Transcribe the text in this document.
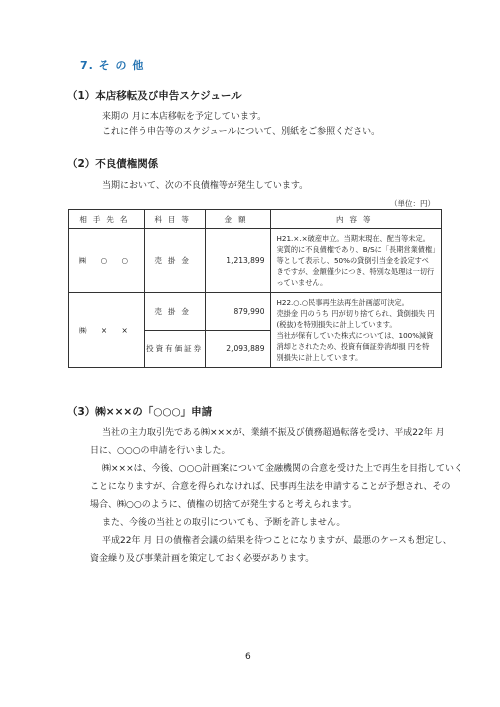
7. そ の 他
（1）本店移転及び申告スケジュール
来期の 月に本店移転を予定しています。
これに伴う申告等のスケジュールについて、別紙をご参照ください。
（2）不良債権関係
当期において、次の不良債権等が発生しています。
（単位：円）
相手先名	科目等	金額	内容等
㈱ ○ ○	売掛金	1,213,899	H21.×.×破産申立。当期末現在、配当等未定。
実質的に不良債権であり、B/Sに「長期営業債権」等として表示し、50%の貸倒引当金を設定すべきですが、金額僅少につき、特別な処理は一切行っていません。

㈱ × ×	売掛金	879,990	H22.○.○民事再生法再生計画認可決定。
売掛金 円のうち 円が切り捨てられ、貸倒損失 円(税抜)を特別損失に計上しています。
当社が保有していた株式については、100%減資消却とされたため、投資有価証券消却損 円を特別損失に計上しています。

	投資有価証券	2,093,889	
（3）㈱×××の「○○○」申請
当社の主力取引先である㈱×××が、業績不振及び債務超過転落を受け、平成22年 月
日に、○○○の申請を行いました。
㈱×××は、今後、○○○計画案について金融機関の合意を受けた上で再生を目指していく
ことになりますが、合意を得られなければ、民事再生法を申請することが予想され、その
場合、㈱○○のように、債権の切捨てが発生すると考えられます。
また、今後の当社との取引についても、予断を許しません。
平成22年 月 日の債権者会議の結果を待つことになりますが、最悪のケースも想定し、
資金繰り及び事業計画を策定しておく必要があります。
6
